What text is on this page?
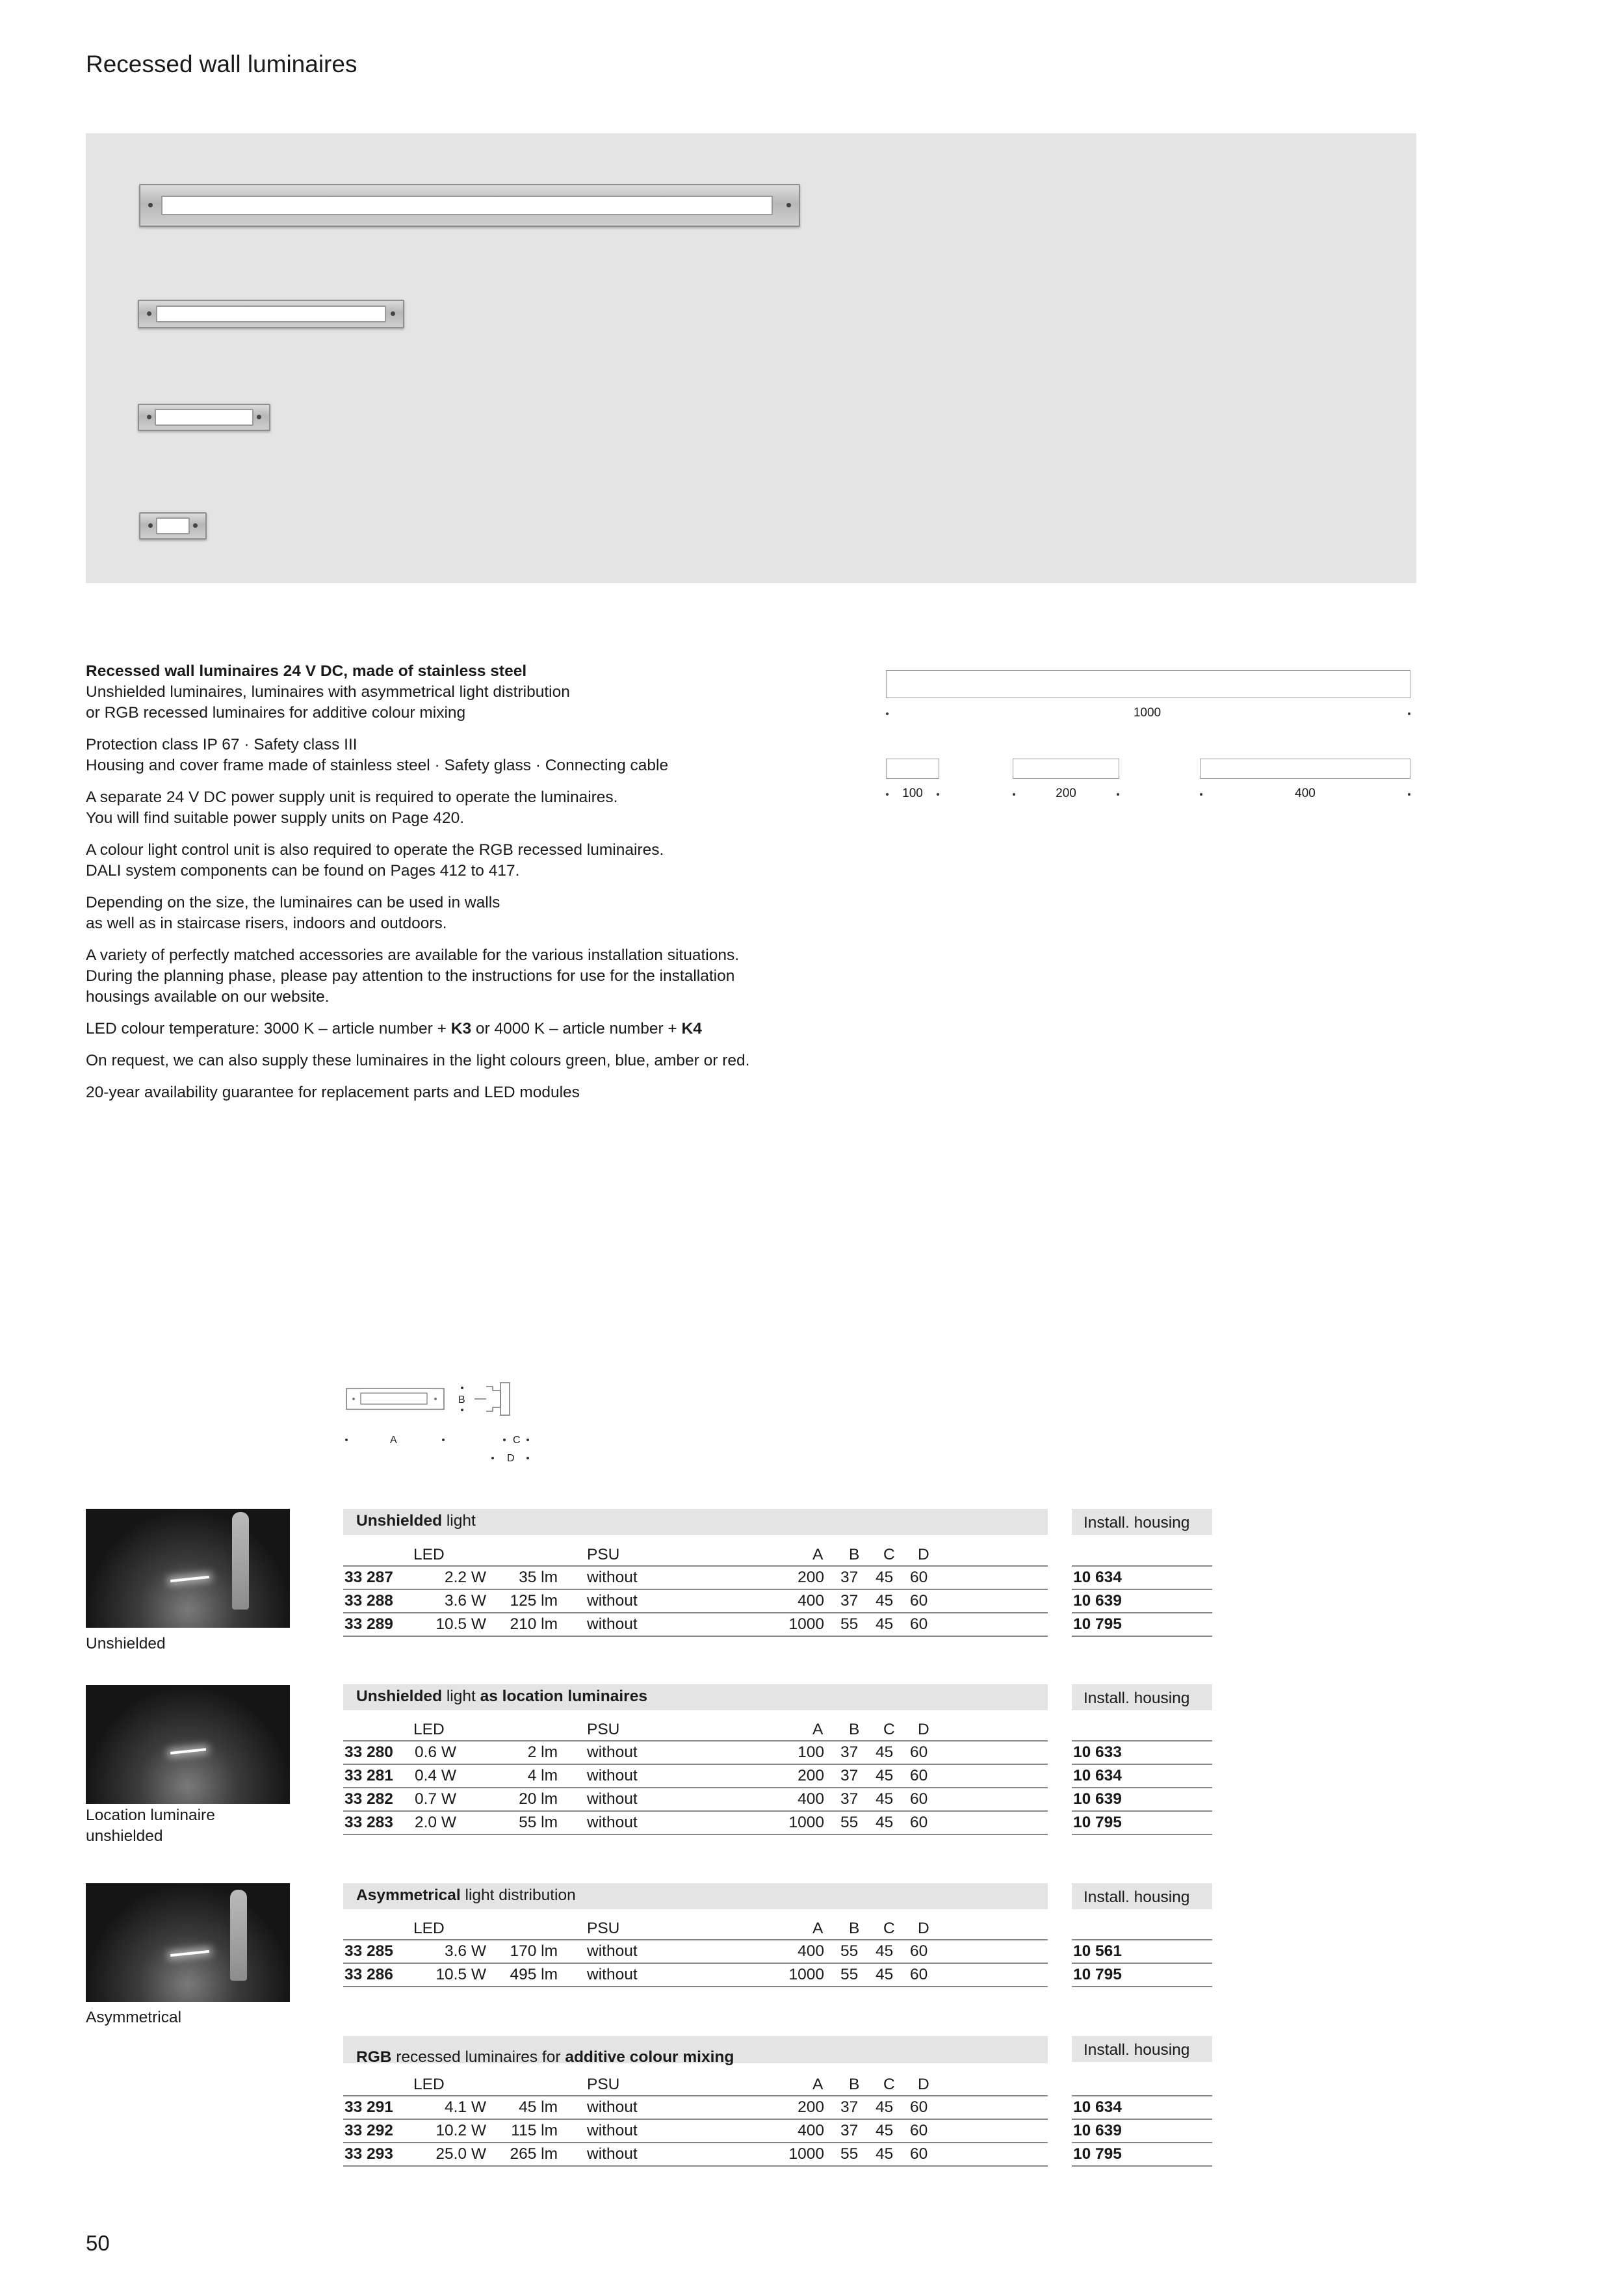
Recessed wall luminaires

Recessed wall luminaires 24 V DC, made of stainless steel
Unshielded luminaires, luminaires with asymmetrical light distribution
or RGB recessed luminaires for additive colour mixing

Protection class IP 67 · Safety class III
Housing and cover frame made of stainless steel · Safety glass · Connecting cable

A separate 24 V DC power supply unit is required to operate the luminaires.
You will find suitable power supply units on Page 420.

A colour light control unit is also required to operate the RGB recessed luminaires.
DALI system components can be found on Pages 412 to 417.

Depending on the size, the luminaires can be used in walls
as well as in staircase risers, indoors and outdoors.

A variety of perfectly matched accessories are available for the various installation situations.
During the planning phase, please pay attention to the instructions for use for the installation
housings available on our website.

LED colour temperature: 3000 K – article number + K3 or 4000 K – article number + K4

On request, we can also supply these luminaires in the light colours green, blue, amber or red.

20-year availability guarantee for replacement parts and LED modules

1000
100	200	400
B
A	C
D
Unshielded
Unshielded light	Install. housing
LED	PSU	A B C D
33 287	2.2 W	35 lm without	200 37 45 60	10 634
33 288	3.6 W	125 lm without	400 37 45 60	10 639
33 289	10.5 W	210 lm without	1000 55 45 60	10 795
Location luminaire
unshielded
Unshielded light as location luminaires	Install. housing
LED	PSU	A B C D
33 280 0.6 W	2 lm without	100 37 45 60	10 633
33 281 0.4 W	4 lm without	200 37 45 60	10 634
33 282 0.7 W	20 lm without	400 37 45 60	10 639
33 283 2.0 W	55 lm without	1000 55 45 60	10 795
Asymmetrical
Asymmetrical light distribution	Install. housing
LED	PSU	A B C D
33 285	3.6 W	170 lm without	400 55 45 60	10 561
33 286	10.5 W	495 lm without	1000 55 45 60	10 795
RGB recessed luminaires for additive colour mixing	Install. housing
LED	PSU	A B C D
33 291	4.1 W	45 lm without	200 37 45 60	10 634
33 292	10.2 W	115 lm without	400 37 45 60	10 639
33 293	25.0 W	265 lm without	1000 55 45 60	10 795
50
